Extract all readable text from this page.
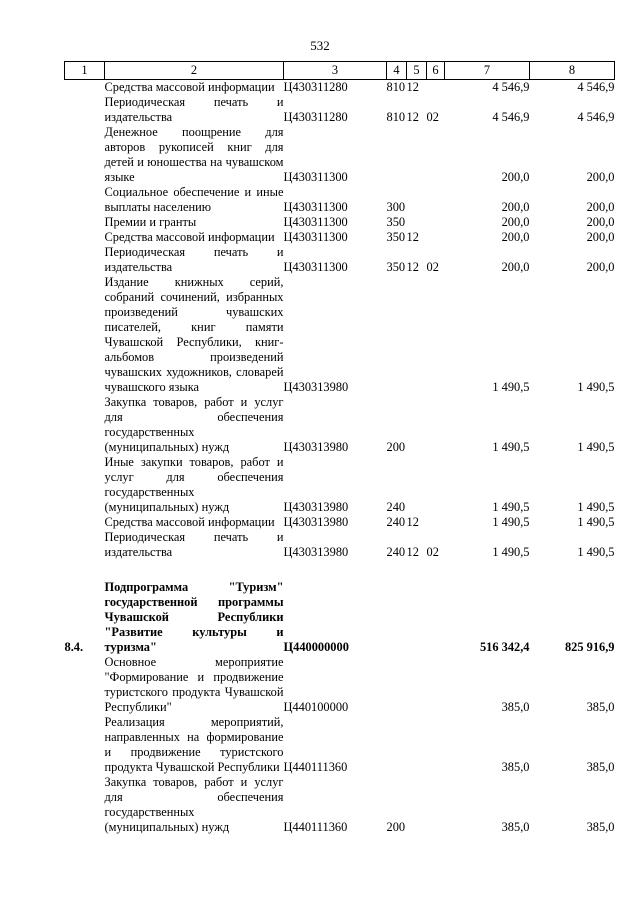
532
1	2	3	4	5	6	7	8
	Средства массовой информации	Ц430311280	810	12		4 546,9	4 546,9
	Периодическая печать и издательства	Ц430311280	810	12	02	4 546,9	4 546,9
	Денежное поощрение для авторов рукописей книг для детей и юношества на чувашском языке	Ц430311300				200,0	200,0
	Социальное обеспечение и иные выплаты населению	Ц430311300	300			200,0	200,0
	Премии и гранты	Ц430311300	350			200,0	200,0
	Средства массовой информации	Ц430311300	350	12		200,0	200,0
	Периодическая печать и издательства	Ц430311300	350	12	02	200,0	200,0
	Издание книжных серий, собраний сочинений, избранных произведений чувашских писателей, книг памяти Чувашской Республики, книг-альбомов произведений чувашских художников, словарей чувашского языка	Ц430313980				1 490,5	1 490,5
	Закупка товаров, работ и услуг для обеспечения государственных (муниципальных) нужд	Ц430313980	200			1 490,5	1 490,5
	Иные закупки товаров, работ и услуг для обеспечения государственных (муниципальных) нужд	Ц430313980	240			1 490,5	1 490,5
	Средства массовой информации	Ц430313980	240	12		1 490,5	1 490,5
	Периодическая печать и издательства	Ц430313980	240	12	02	1 490,5	1 490,5

8.4.	Подпрограмма "Туризм" государственной программы Чувашской Республики "Развитие культуры и туризма"	Ц440000000				516 342,4	825 916,9
	Основное мероприятие "Формирование и продвижение туристского продукта Чувашской Республики"	Ц440100000				385,0	385,0
	Реализация мероприятий, направленных на формирование и продвижение туристского продукта Чувашской Республики	Ц440111360				385,0	385,0
	Закупка товаров, работ и услуг для обеспечения государственных (муниципальных) нужд	Ц440111360	200			385,0	385,0
